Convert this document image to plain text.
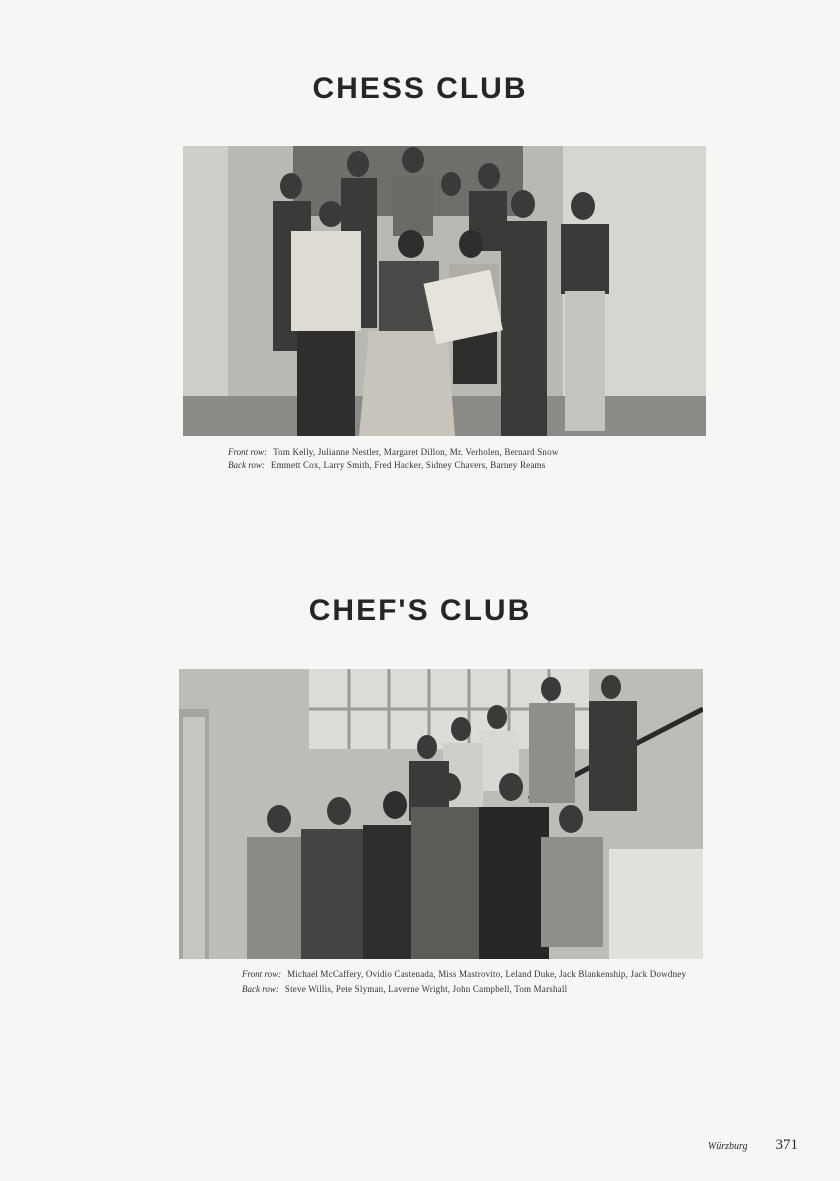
CHESS CLUB
Front row: Tom Kelly, Julianne Nestler, Margaret Dillon, Mr. Verholen, Bernard Snow
Back row: Emmett Cox, Larry Smith, Fred Hacker, Sidney Chavers, Barney Reams
CHEF'S CLUB
Front row: Michael McCaffery, Ovidio Castenada, Miss Mastrovito, Leland Duke, Jack Blankenship, Jack Dowdney
Back row: Steve Willis, Pete Slyman, Laverne Wright, John Campbell, Tom Marshall
Würzburg 371
